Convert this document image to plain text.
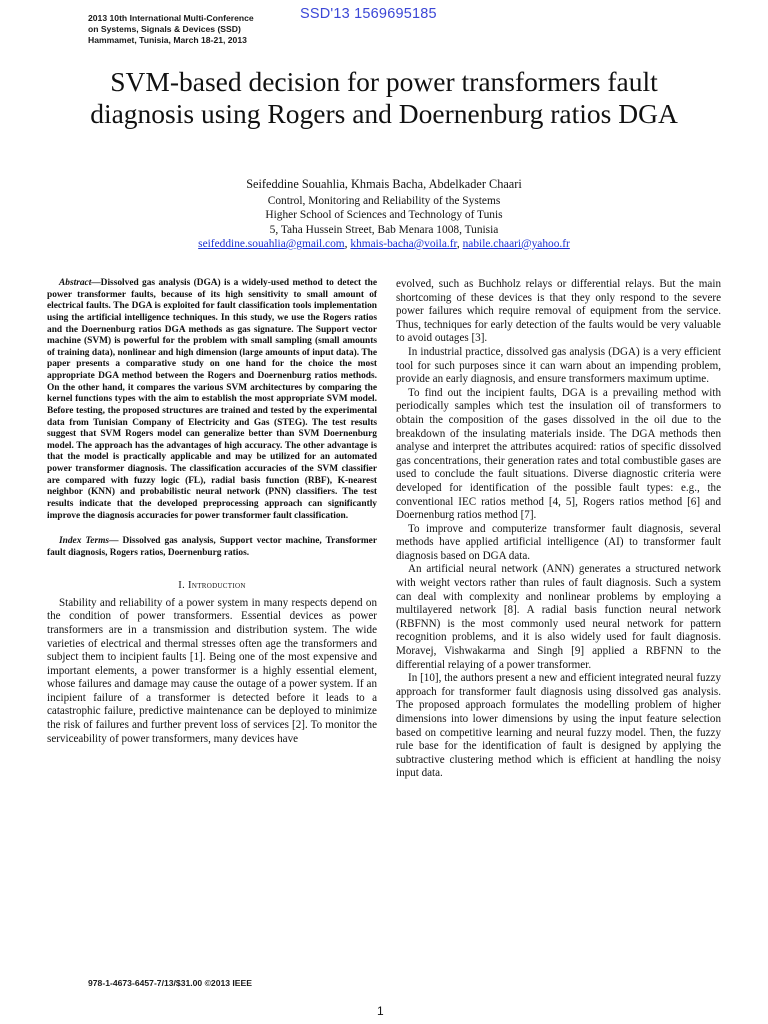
2013 10th International Multi-Conference
on Systems, Signals & Devices (SSD)
Hammamet, Tunisia, March 18-21, 2013
SSD'13 1569695185
SVM-based decision for power transformers fault
diagnosis using Rogers and Doernenburg ratios DGA
Seifeddine Souahlia, Khmais Bacha, Abdelkader Chaari
Control, Monitoring and Reliability of the Systems
Higher School of Sciences and Technology of Tunis
5, Taha Hussein Street, Bab Menara 1008, Tunisia
seifeddine.souahlia@gmail.com, khmais-bacha@voila.fr, nabile.chaari@yahoo.fr

Abstract—Dissolved gas analysis (DGA) is a widely-used method to detect the power transformer faults, because of its high sensitivity to small amount of electrical faults. The DGA is exploited for fault classification tools implementation using the artificial intelligence techniques. In this study, we use the Rogers ratios and the Doernenburg ratios DGA methods as gas signature. The Support vector machine (SVM) is powerful for the problem with small sampling (small amounts of training data), nonlinear and high dimension (large amounts of input data). The paper presents a comparative study on one hand for the choice the most appropriate DGA method between the Rogers and Doernenburg ratios methods. On the other hand, it compares the various SVM architectures by comparing the kernel functions types with the aim to establish the most appropriate SVM model. Before testing, the proposed structures are trained and tested by the experimental data from Tunisian Company of Electricity and Gas (STEG). The test results suggest that SVM Rogers model can generalize better than SVM Doernenburg model. The approach has the advantages of high accuracy. The other advantage is that the model is practically applicable and may be utilized for an automated power transformer diagnosis. The classification accuracies of the SVM classifier are compared with fuzzy logic (FL), radial basis function (RBF), K-nearest neighbor (KNN) and probabilistic neural network (PNN) classifiers. The test results indicate that the developed preprocessing approach can significantly improve the diagnosis accuracies for power transformer fault classification.

Index Terms— Dissolved gas analysis, Support vector machine, Transformer fault diagnosis, Rogers ratios, Doernenburg ratios.

I. Introduction

Stability and reliability of a power system in many respects depend on the condition of power transformers. Essential devices as power transformers are in a transmission and distribution system. The wide varieties of electrical and thermal stresses often age the transformers and subject them to incipient faults [1]. Being one of the most expensive and important elements, a power transformer is a highly essential element, whose failures and damage may cause the outage of a power system. If an incipient failure of a transformer is detected before it leads to a catastrophic failure, predictive maintenance can be deployed to minimize the risk of failures and further prevent loss of services [2]. To monitor the serviceability of power transformers, many devices have

evolved, such as Buchholz relays or differential relays. But the main shortcoming of these devices is that they only respond to the severe power failures which require removal of equipment from the service. Thus, techniques for early detection of the faults would be very valuable to avoid outages [3].

In industrial practice, dissolved gas analysis (DGA) is a very efficient tool for such purposes since it can warn about an impending problem, provide an early diagnosis, and ensure transformers maximum uptime.

To find out the incipient faults, DGA is a prevailing method with periodically samples which test the insulation oil of transformers to obtain the composition of the gases dissolved in the oil due to the breakdown of the insulating materials inside. The DGA methods then analyse and interpret the attributes acquired: ratios of specific dissolved gas concentrations, their generation rates and total combustible gases are used to conclude the fault situations. Diverse diagnostic criteria were developed for identification of the possible fault types: e.g., the conventional IEC ratios method [4, 5], Rogers ratios method [6] and Doernenburg ratios method [7].

To improve and computerize transformer fault diagnosis, several methods have applied artificial intelligence (AI) to transformer fault diagnosis based on DGA data.

An artificial neural network (ANN) generates a structured network with weight vectors rather than rules of fault diagnosis. Such a system can deal with complexity and nonlinear problems by employing a multilayered network [8]. A radial basis function neural network (RBFNN) is the most commonly used neural network for pattern recognition problems, and it is also widely used for fault diagnosis. Moravej, Vishwakarma and Singh [9] applied a RBFNN to the differential relaying of a power transformer.

In [10], the authors present a new and efficient integrated neural fuzzy approach for transformer fault diagnosis using dissolved gas analysis. The proposed approach formulates the modelling problem of higher dimensions into lower dimensions by using the input feature selection based on competitive learning and neural fuzzy model. Then, the fuzzy rule base for the identification of fault is designed by applying the subtractive clustering method which is efficient at handling the noisy input data.

978-1-4673-6457-7/13/$31.00 ©2013 IEEE
1
